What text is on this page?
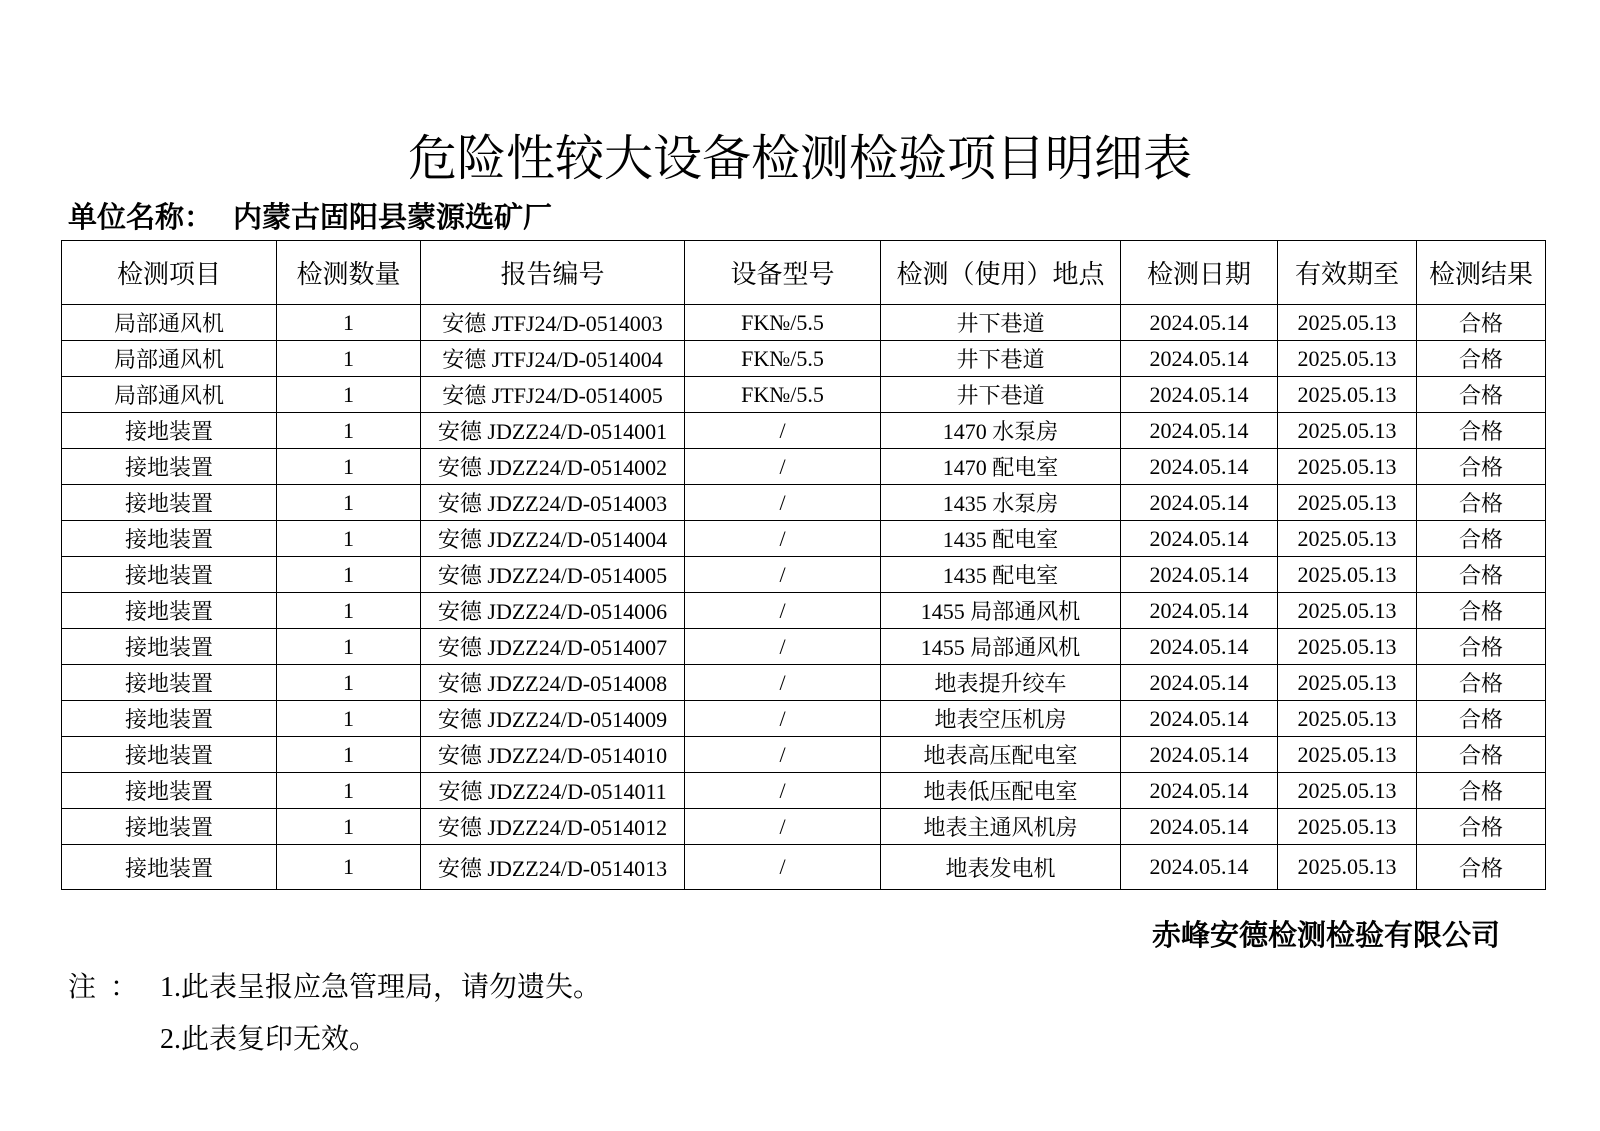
危险性较大设备检测检验项目明细表
单位名称： 内蒙古固阳县蒙源选矿厂
检测项目	检测数量	报告编号	设备型号	检测（使用）地点	检测日期	有效期至	检测结果
局部通风机	1	安德 JTFJ24/D-0514003	FK№/5.5	井下巷道	2024.05.14	2025.05.13	合格
局部通风机	1	安德 JTFJ24/D-0514004	FK№/5.5	井下巷道	2024.05.14	2025.05.13	合格
局部通风机	1	安德 JTFJ24/D-0514005	FK№/5.5	井下巷道	2024.05.14	2025.05.13	合格
接地装置	1	安德 JDZZ24/D-0514001	/	1470 水泵房	2024.05.14	2025.05.13	合格
接地装置	1	安德 JDZZ24/D-0514002	/	1470 配电室	2024.05.14	2025.05.13	合格
接地装置	1	安德 JDZZ24/D-0514003	/	1435 水泵房	2024.05.14	2025.05.13	合格
接地装置	1	安德 JDZZ24/D-0514004	/	1435 配电室	2024.05.14	2025.05.13	合格
接地装置	1	安德 JDZZ24/D-0514005	/	1435 配电室	2024.05.14	2025.05.13	合格
接地装置	1	安德 JDZZ24/D-0514006	/	1455 局部通风机	2024.05.14	2025.05.13	合格
接地装置	1	安德 JDZZ24/D-0514007	/	1455 局部通风机	2024.05.14	2025.05.13	合格
接地装置	1	安德 JDZZ24/D-0514008	/	地表提升绞车	2024.05.14	2025.05.13	合格
接地装置	1	安德 JDZZ24/D-0514009	/	地表空压机房	2024.05.14	2025.05.13	合格
接地装置	1	安德 JDZZ24/D-0514010	/	地表高压配电室	2024.05.14	2025.05.13	合格
接地装置	1	安德 JDZZ24/D-0514011	/	地表低压配电室	2024.05.14	2025.05.13	合格
接地装置	1	安德 JDZZ24/D-0514012	/	地表主通风机房	2024.05.14	2025.05.13	合格
接地装置	1	安德 JDZZ24/D-0514013	/	地表发电机	2024.05.14	2025.05.13	合格
赤峰安德检测检验有限公司
注  ： 1.此表呈报应急管理局，请勿遗失。
2.此表复印无效。
